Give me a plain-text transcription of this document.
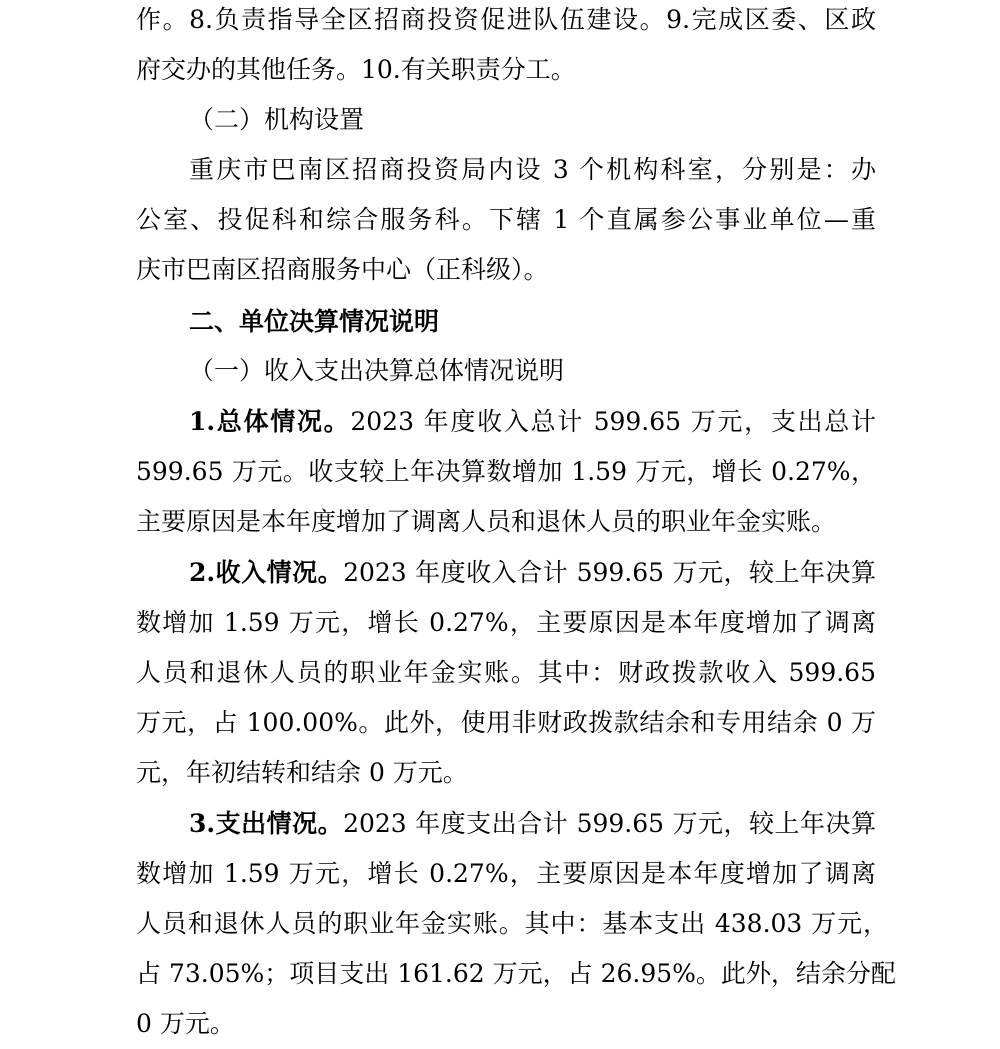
作。8.负责指导全区招商投资促进队伍建设。9.完成区委、区政
府交办的其他任务。10.有关职责分工。
（二）机构设置
重庆市巴南区招商投资局内设 3 个机构科室，分别是：办
公室、投促科和综合服务科。下辖 1 个直属参公事业单位—重
庆市巴南区招商服务中心（正科级）。
二、单位决算情况说明
（一）收入支出决算总体情况说明
1.总体情况。2023 年度收入总计 599.65 万元，支出总计
599.65 万元。收支较上年决算数增加 1.59 万元，增长 0.27%，
主要原因是本年度增加了调离人员和退休人员的职业年金实账。
2.收入情况。2023 年度收入合计 599.65 万元，较上年决算
数增加 1.59 万元，增长 0.27%，主要原因是本年度增加了调离
人员和退休人员的职业年金实账。其中：财政拨款收入 599.65
万元，占 100.00%。此外，使用非财政拨款结余和专用结余 0 万
元，年初结转和结余 0 万元。
3.支出情况。2023 年度支出合计 599.65 万元，较上年决算
数增加 1.59 万元，增长 0.27%，主要原因是本年度增加了调离
人员和退休人员的职业年金实账。其中：基本支出 438.03 万元，
占 73.05%；项目支出 161.62 万元，占 26.95%。此外，结余分配
0 万元。
